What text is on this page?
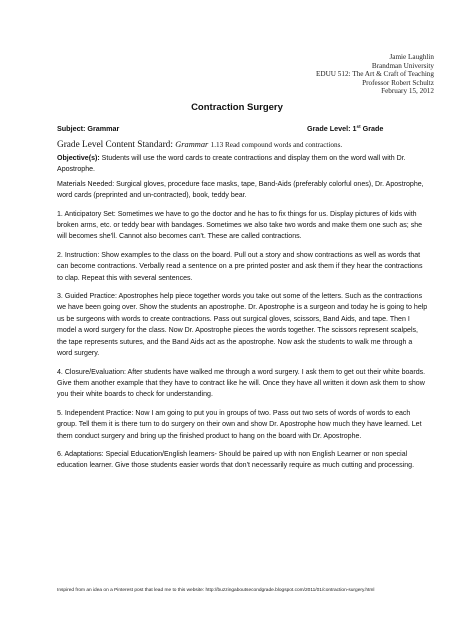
Jamie Laughlin
Brandman University
EDUU 512: The Art & Craft of Teaching
Professor Robert Schultz
February 15, 2012
Contraction Surgery
Subject: Grammar	Grade Level: 1st Grade
Grade Level Content Standard: Grammar 1.13 Read compound words and contractions.

Objective(s): Students will use the word cards to create contractions and display them on the word wall with Dr. Apostrophe.

Materials Needed: Surgical gloves, procedure face masks, tape, Band-Aids (preferably colorful ones), Dr. Apostrophe, word cards (preprinted and un-contracted), book, teddy bear.

1. Anticipatory Set: Sometimes we have to go the doctor and he has to fix things for us. Display pictures of kids with broken arms, etc. or teddy bear with bandages. Sometimes we also take two words and make them one such as; she will becomes she'll. Cannot also becomes can't. These are called contractions.

2. Instruction: Show examples to the class on the board. Pull out a story and show contractions as well as words that can become contractions. Verbally read a sentence on a pre printed poster and ask them if they hear the contractions to clap. Repeat this with several sentences.

3. Guided Practice: Apostrophes help piece together words you take out some of the letters. Such as the contractions we have been going over. Show the students an apostrophe. Dr. Apostrophe is a surgeon and today he is going to help us be surgeons with words to create contractions. Pass out surgical gloves, scissors, Band Aids, and tape. Then I model a word surgery for the class. Now Dr. Apostrophe pieces the words together. The scissors represent scalpels, the tape represents sutures, and the Band Aids act as the apostrophe. Now ask the students to walk me through a word surgery.

4. Closure/Evaluation: After students have walked me through a word surgery. I ask them to get out their white boards. Give them another example that they have to contract like he will. Once they have all written it down ask them to show you their white boards to check for understanding.

5. Independent Practice: Now I am going to put you in groups of two. Pass out two sets of words of words to each group. Tell them it is there turn to do surgery on their own and show Dr. Apostrophe how much they have learned. Let them conduct surgery and bring up the finished product to hang on the board with Dr. Apostrophe.

6. Adaptations: Special Education/English learners- Should be paired up with non English Learner or non special education learner. Give those students easier words that don't necessarily require as much cutting and processing.

Inspired from an idea on a Pinterest post that lead me to this website: http://buzzingaboutsecondgrade.blogspot.com/2011/01/contraction-surgery.html
